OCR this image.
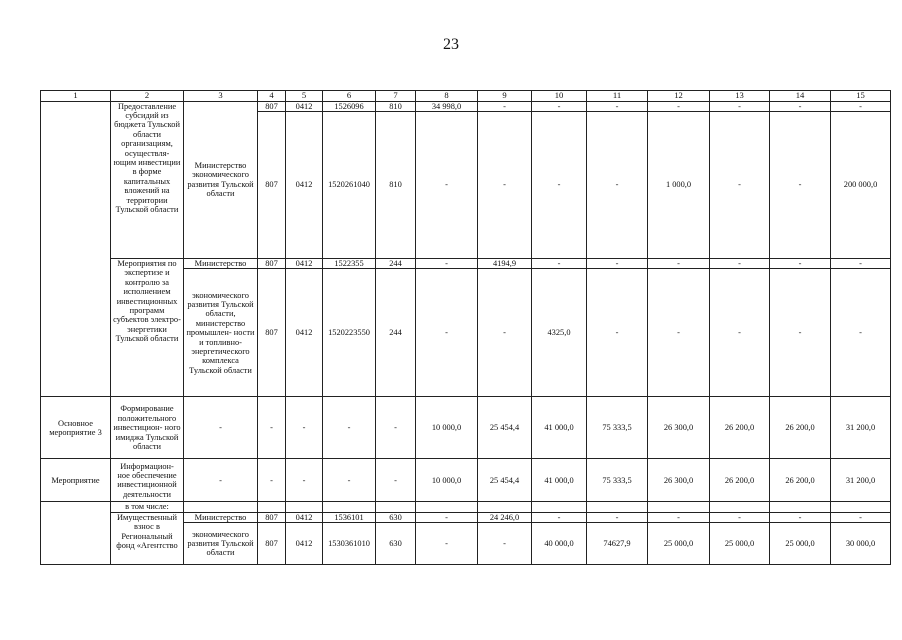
23
1	2	3	4	5	6	7	8	9	10	11	12	13	14	15
	Предоставление субсидий из бюджета Тульской области организациям, осуществля- ющим инвестиции в форме капитальных вложений на территории Тульской области	Министерство экономического развития Тульской области	807	0412	1526096	810	34 998,0	-	-	-	-	-	-	-
			807	0412	1520261040	810	-	-	-	-	1 000,0	-	-	200 000,0
	Мероприятия по экспертизе и контролю за исполнением инвестиционных программ субъектов электро- энергетики Тульской области	Министерство	807	0412	1522355	244	-	4194,9	-	-	-	-	-	-
		экономического развития Тульской области, министерство промышлен- ности и топливно- энергетического комплекса Тульской области	807	0412	1520223550	244	-	-	4325,0	-	-	-	-	-
Основное мероприятие 3	Формирование положительного инвестицион- ного имиджа Тульской области	-	-	-	-	-	10 000,0	25 454,4	41 000,0	75 333,5	26 300,0	26 200,0	26 200,0	31 200,0
Мероприятие	Информацион- ное обеспечение инвестиционной деятельности	-	-	-	-	-	10 000,0	25 454,4	41 000,0	75 333,5	26 300,0	26 200,0	26 200,0	31 200,0
	в том числе:													
	Имущественный взнос в Региональный фонд «Агентство	Министерство	807	0412	1536101	630	-	24 246,0	-	-	-	-	-	-
		экономического развития Тульской области	807	0412	1530361010	630	-	-	40 000,0	74627,9	25 000,0	25 000,0	25 000,0	30 000,0
